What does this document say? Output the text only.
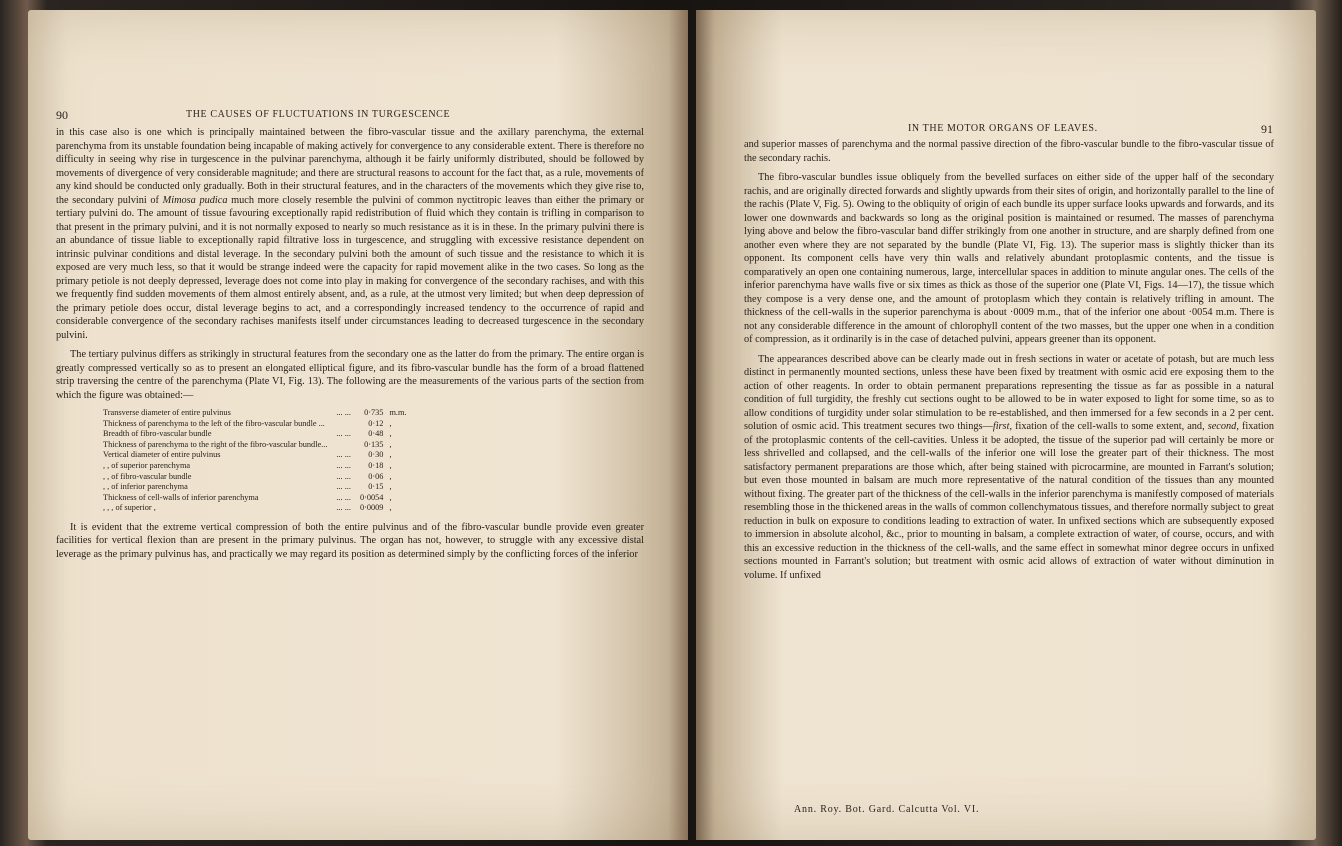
90	THE CAUSES OF FLUCTUATIONS IN TURGESCENCE

in this case also is one which is principally maintained between the fibro-vascular tissue and the axillary parenchyma, the external parenchyma from its unstable foundation being incapable of making actively for convergence to any considerable extent. There is therefore no difficulty in seeing why rise in turgescence in the pulvinar parenchyma, although it be fairly uniformly distributed, should be followed by movements of divergence of very considerable magnitude; and there are structural reasons to account for the fact that, as a rule, movements of any kind should be conducted only gradually. Both in their structural features, and in the characters of the movements which they give rise to, the secondary pulvini of Mimosa pudica much more closely resemble the pulvini of common nyctitropic leaves than either the primary or tertiary pulvini do. The amount of tissue favouring exceptionally rapid redistribution of fluid which they contain is trifling in comparison to that present in the primary pulvini, and it is not normally exposed to nearly so much resistance as it is in these. In the primary pulvini there is an abundance of tissue liable to exceptionally rapid filtrative loss in turgescence, and struggling with excessive resistance dependent on intrinsic pulvinar conditions and distal leverage. In the secondary pulvini both the amount of such tissue and the resistance to which it is exposed are very much less, so that it would be strange indeed were the capacity for rapid movement alike in the two cases. So long as the primary petiole is not deeply depressed, leverage does not come into play in making for convergence of the secondary rachises, and with this we frequently find sudden movements of them almost entirely absent, and, as a rule, at the utmost very limited; but when deep depression of the primary petiole does occur, distal leverage begins to act, and a correspondingly increased tendency to the occurrence of rapid and considerable convergence of the secondary rachises manifests itself under circumstances leading to decreased turgescence in the secondary pulvini.

The tertiary pulvinus differs as strikingly in structural features from the secondary one as the latter do from the primary. The entire organ is greatly compressed vertically so as to present an elongated elliptical figure, and its fibro-vascular bundle has the form of a broad flattened strip traversing the centre of the parenchyma (Plate VI, Fig. 13). The following are the measurements of the various parts of the section from which the figure was obtained:—

Transverse diameter of entire pulvinus	... ...	0·735	m.m.
Thickness of parenchyma to the left of the fibro-vascular bundle ...		0·12	,
Breadth of fibro-vascular bundle	... ...	0·48	,
Thickness of parenchyma to the right of the fibro-vascular bundle...		0·135	,
Vertical diameter of entire pulvinus	... ...	0·30	,
, , of superior parenchyma	... ...	0·18	,
, , of fibro-vascular bundle	... ...	0·06	,
, , of inferior parenchyma	... ...	0·15	,
Thickness of cell-walls of inferior parenchyma	... ...	0·0054	,
, , , of superior ,	... ...	0·0009	,

It is evident that the extreme vertical compression of both the entire pulvinus and of the fibro-vascular bundle provide even greater facilities for vertical flexion than are present in the primary pulvinus. The organ has not, however, to struggle with any excessive distal leverage as the primary pulvinus has, and practically we may regard its position as determined simply by the conflicting forces of the inferior

IN THE MOTOR ORGANS OF LEAVES.	91

and superior masses of parenchyma and the normal passive direction of the fibro-vascular bundle to the fibro-vascular tissue of the secondary rachis.

The fibro-vascular bundles issue obliquely from the bevelled surfaces on either side of the upper half of the secondary rachis, and are originally directed forwards and slightly upwards from their sites of origin, and horizontally parallel to the line of the rachis (Plate V, Fig. 5). Owing to the obliquity of origin of each bundle its upper surface looks upwards and forwards, and its lower one downwards and backwards so long as the original position is maintained or resumed. The masses of parenchyma lying above and below the fibro-vascular band differ strikingly from one another in structure, and are sharply defined from one another even where they are not separated by the bundle (Plate VI, Fig. 13). The superior mass is slightly thicker than its opponent. Its component cells have very thin walls and relatively abundant protoplasmic contents, and the tissue is comparatively an open one containing numerous, large, intercellular spaces in addition to minute angular ones. The cells of the inferior parenchyma have walls five or six times as thick as those of the superior one (Plate VI, Figs. 14—17), the tissue which they compose is a very dense one, and the amount of protoplasm which they contain is relatively trifling in amount. The thickness of the cell-walls in the superior parenchyma is about ·0009 m.m., that of the inferior one about ·0054 m.m. There is not any considerable difference in the amount of chlorophyll content of the two masses, but the upper one when in a condition of compression, as it ordinarily is in the case of detached pulvini, appears greener than its opponent.

The appearances described above can be clearly made out in fresh sections in water or acetate of potash, but are much less distinct in permanently mounted sections, unless these have been fixed by treatment with osmic acid ere exposing them to the action of other reagents. In order to obtain permanent preparations representing the tissue as far as possible in a natural condition of full turgidity, the freshly cut sections ought to be allowed to be in water exposed to light for some time, so as to allow conditions of turgidity under solar stimulation to be re-established, and then immersed for a few seconds in a 2 per cent. solution of osmic acid. This treatment secures two things—first, fixation of the cell-walls to some extent, and, second, fixation of the protoplasmic contents of the cell-cavities. Unless it be adopted, the tissue of the superior pad will certainly be more or less shrivelled and collapsed, and the cell-walls of the inferior one will lose the greater part of their thickness. The most satisfactory permanent preparations are those which, after being stained with picrocarmine, are mounted in Farrant's solution; but even those mounted in balsam are much more representative of the natural condition of the tissues than any mounted without fixing. The greater part of the thickness of the cell-walls in the inferior parenchyma is manifestly composed of materials resembling those in the thickened areas in the walls of common collenchymatous tissues, and therefore normally subject to great reduction in bulk on exposure to conditions leading to extraction of water. In unfixed sections which are subsequently exposed to immersion in absolute alcohol, &c., prior to mounting in balsam, a complete extraction of water, of course, occurs, and with this an excessive reduction in the thickness of the cell-walls, and the same effect in somewhat minor degree occurs in unfixed sections mounted in Farrant's solution; but treatment with osmic acid allows of extraction of water without diminution in volume. If unfixed

Ann. Roy. Bot. Gard. Calcutta Vol. VI.
